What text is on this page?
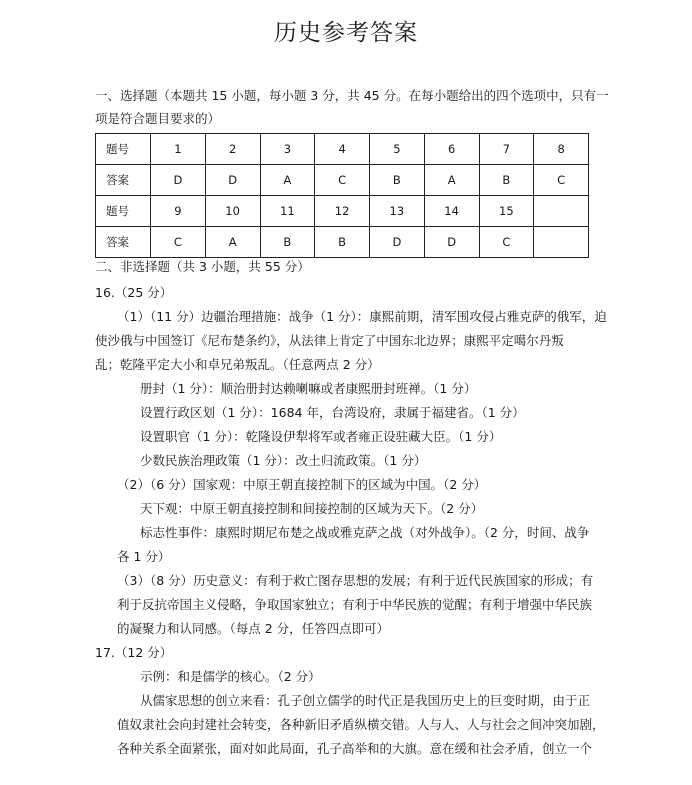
历史参考答案
一、选择题（本题共 15 小题，每小题 3 分，共 45 分。在每小题给出的四个选项中，只有一
项是符合题目要求的）
题号	1	2	3	4	5	6	7	8
答案	D	D	A	C	B	A	B	C
题号	9	10	11	12	13	14	15	
答案	C	A	B	B	D	D	C	
二、非选择题（共 3 小题，共 55 分）
16.（25 分）
（1）（11 分）边疆治理措施：战争（1 分）：康熙前期，清军围攻侵占雅克萨的俄军，迫
使沙俄与中国签订《尼布楚条约》，从法律上肯定了中国东北边界；康熙平定噶尔丹叛
乱；乾隆平定大小和卓兄弟叛乱。（任意两点 2 分）
册封（1 分）：顺治册封达赖喇嘛或者康熙册封班禅。（1 分）
设置行政区划（1 分）：1684 年，台湾设府，隶属于福建省。（1 分）
设置职官（1 分）：乾隆设伊犁将军或者雍正设驻藏大臣。（1 分）
少数民族治理政策（1 分）：改土归流政策。（1 分）
（2）（6 分）国家观：中原王朝直接控制下的区域为中国。（2 分）
天下观：中原王朝直接控制和间接控制的区域为天下。（2 分）
标志性事件：康熙时期尼布楚之战或雅克萨之战（对外战争）。（2 分，时间、战争
各 1 分）
（3）（8 分）历史意义：有利于救亡图存思想的发展；有利于近代民族国家的形成；有
利于反抗帝国主义侵略，争取国家独立；有利于中华民族的觉醒；有利于增强中华民族
的凝聚力和认同感。（每点 2 分，任答四点即可）
17.（12 分）
示例：和是儒学的核心。（2 分）
从儒家思想的创立来看：孔子创立儒学的时代正是我国历史上的巨变时期，由于正
值奴隶社会向封建社会转变，各种新旧矛盾纵横交错。人与人、人与社会之间冲突加剧，
各种关系全面紧张，面对如此局面，孔子高举和的大旗。意在缓和社会矛盾，创立一个
